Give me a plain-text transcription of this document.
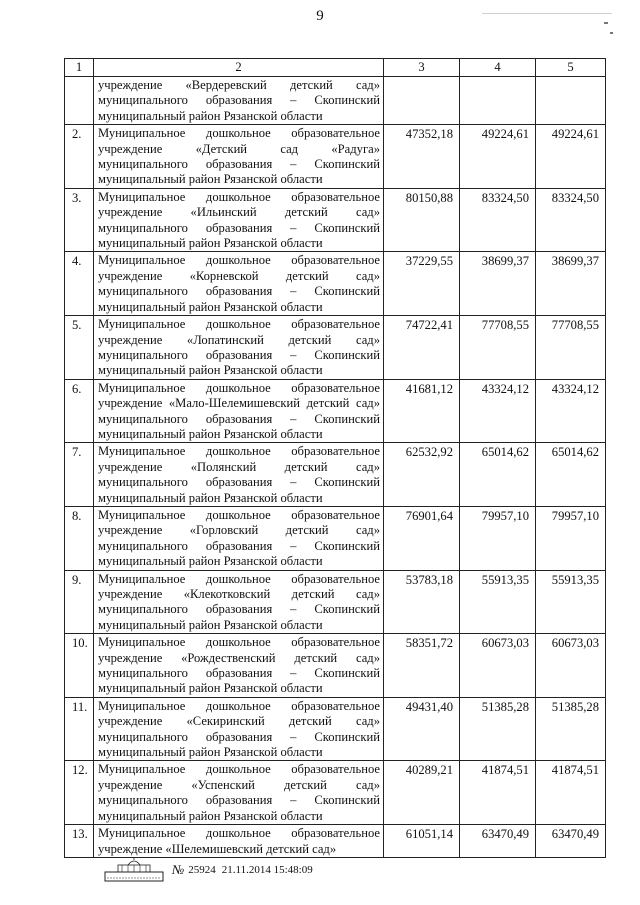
9
1	2	3	4	5

	учреждение «Вердеревский детский сад»
муниципального образования – Скопинский
муниципальный район Рязанской области			

2.	Муниципальное дошкольное образовательное учреждение «Детский сад «Радуга» муниципального образования – Скопинский муниципальный район Рязанской области	47352,18	49224,61	49224,61
3.	Муниципальное дошкольное образовательное учреждение «Ильинский детский сад» муниципального образования – Скопинский муниципальный район Рязанской области	80150,88	83324,50	83324,50
4.	Муниципальное дошкольное образовательное учреждение «Корневской детский сад» муниципального образования – Скопинский муниципальный район Рязанской области	37229,55	38699,37	38699,37
5.	Муниципальное дошкольное образовательное учреждение «Лопатинский детский сад» муниципального образования – Скопинский муниципальный район Рязанской области	74722,41	77708,55	77708,55
6.	Муниципальное дошкольное образовательное учреждение «Мало-Шелемишевский детский сад» муниципального образования – Скопинский муниципальный район Рязанской области	41681,12	43324,12	43324,12
7.	Муниципальное дошкольное образовательное учреждение «Полянский детский сад» муниципального образования – Скопинский муниципальный район Рязанской области	62532,92	65014,62	65014,62
8.	Муниципальное дошкольное образовательное учреждение «Горловский детский сад» муниципального образования – Скопинский муниципальный район Рязанской области	76901,64	79957,10	79957,10
9.	Муниципальное дошкольное образовательное учреждение «Клекотковский детский сад» муниципального образования – Скопинский муниципальный район Рязанской области	53783,18	55913,35	55913,35
10.	Муниципальное дошкольное образовательное учреждение «Рождественский детский сад» муниципального образования – Скопинский муниципальный район Рязанской области	58351,72	60673,03	60673,03
11.	Муниципальное дошкольное образовательное учреждение «Секиринский детский сад» муниципального образования – Скопинский муниципальный район Рязанской области	49431,40	51385,28	51385,28
12.	Муниципальное дошкольное образовательное учреждение «Успенский детский сад» муниципального образования – Скопинский муниципальный район Рязанской области	40289,21	41874,51	41874,51
13.	Муниципальное дошкольное образовательное учреждение «Шелемишевский детский сад»	61051,14	63470,49	63470,49
№ 25924 21.11.2014 15:48:09
